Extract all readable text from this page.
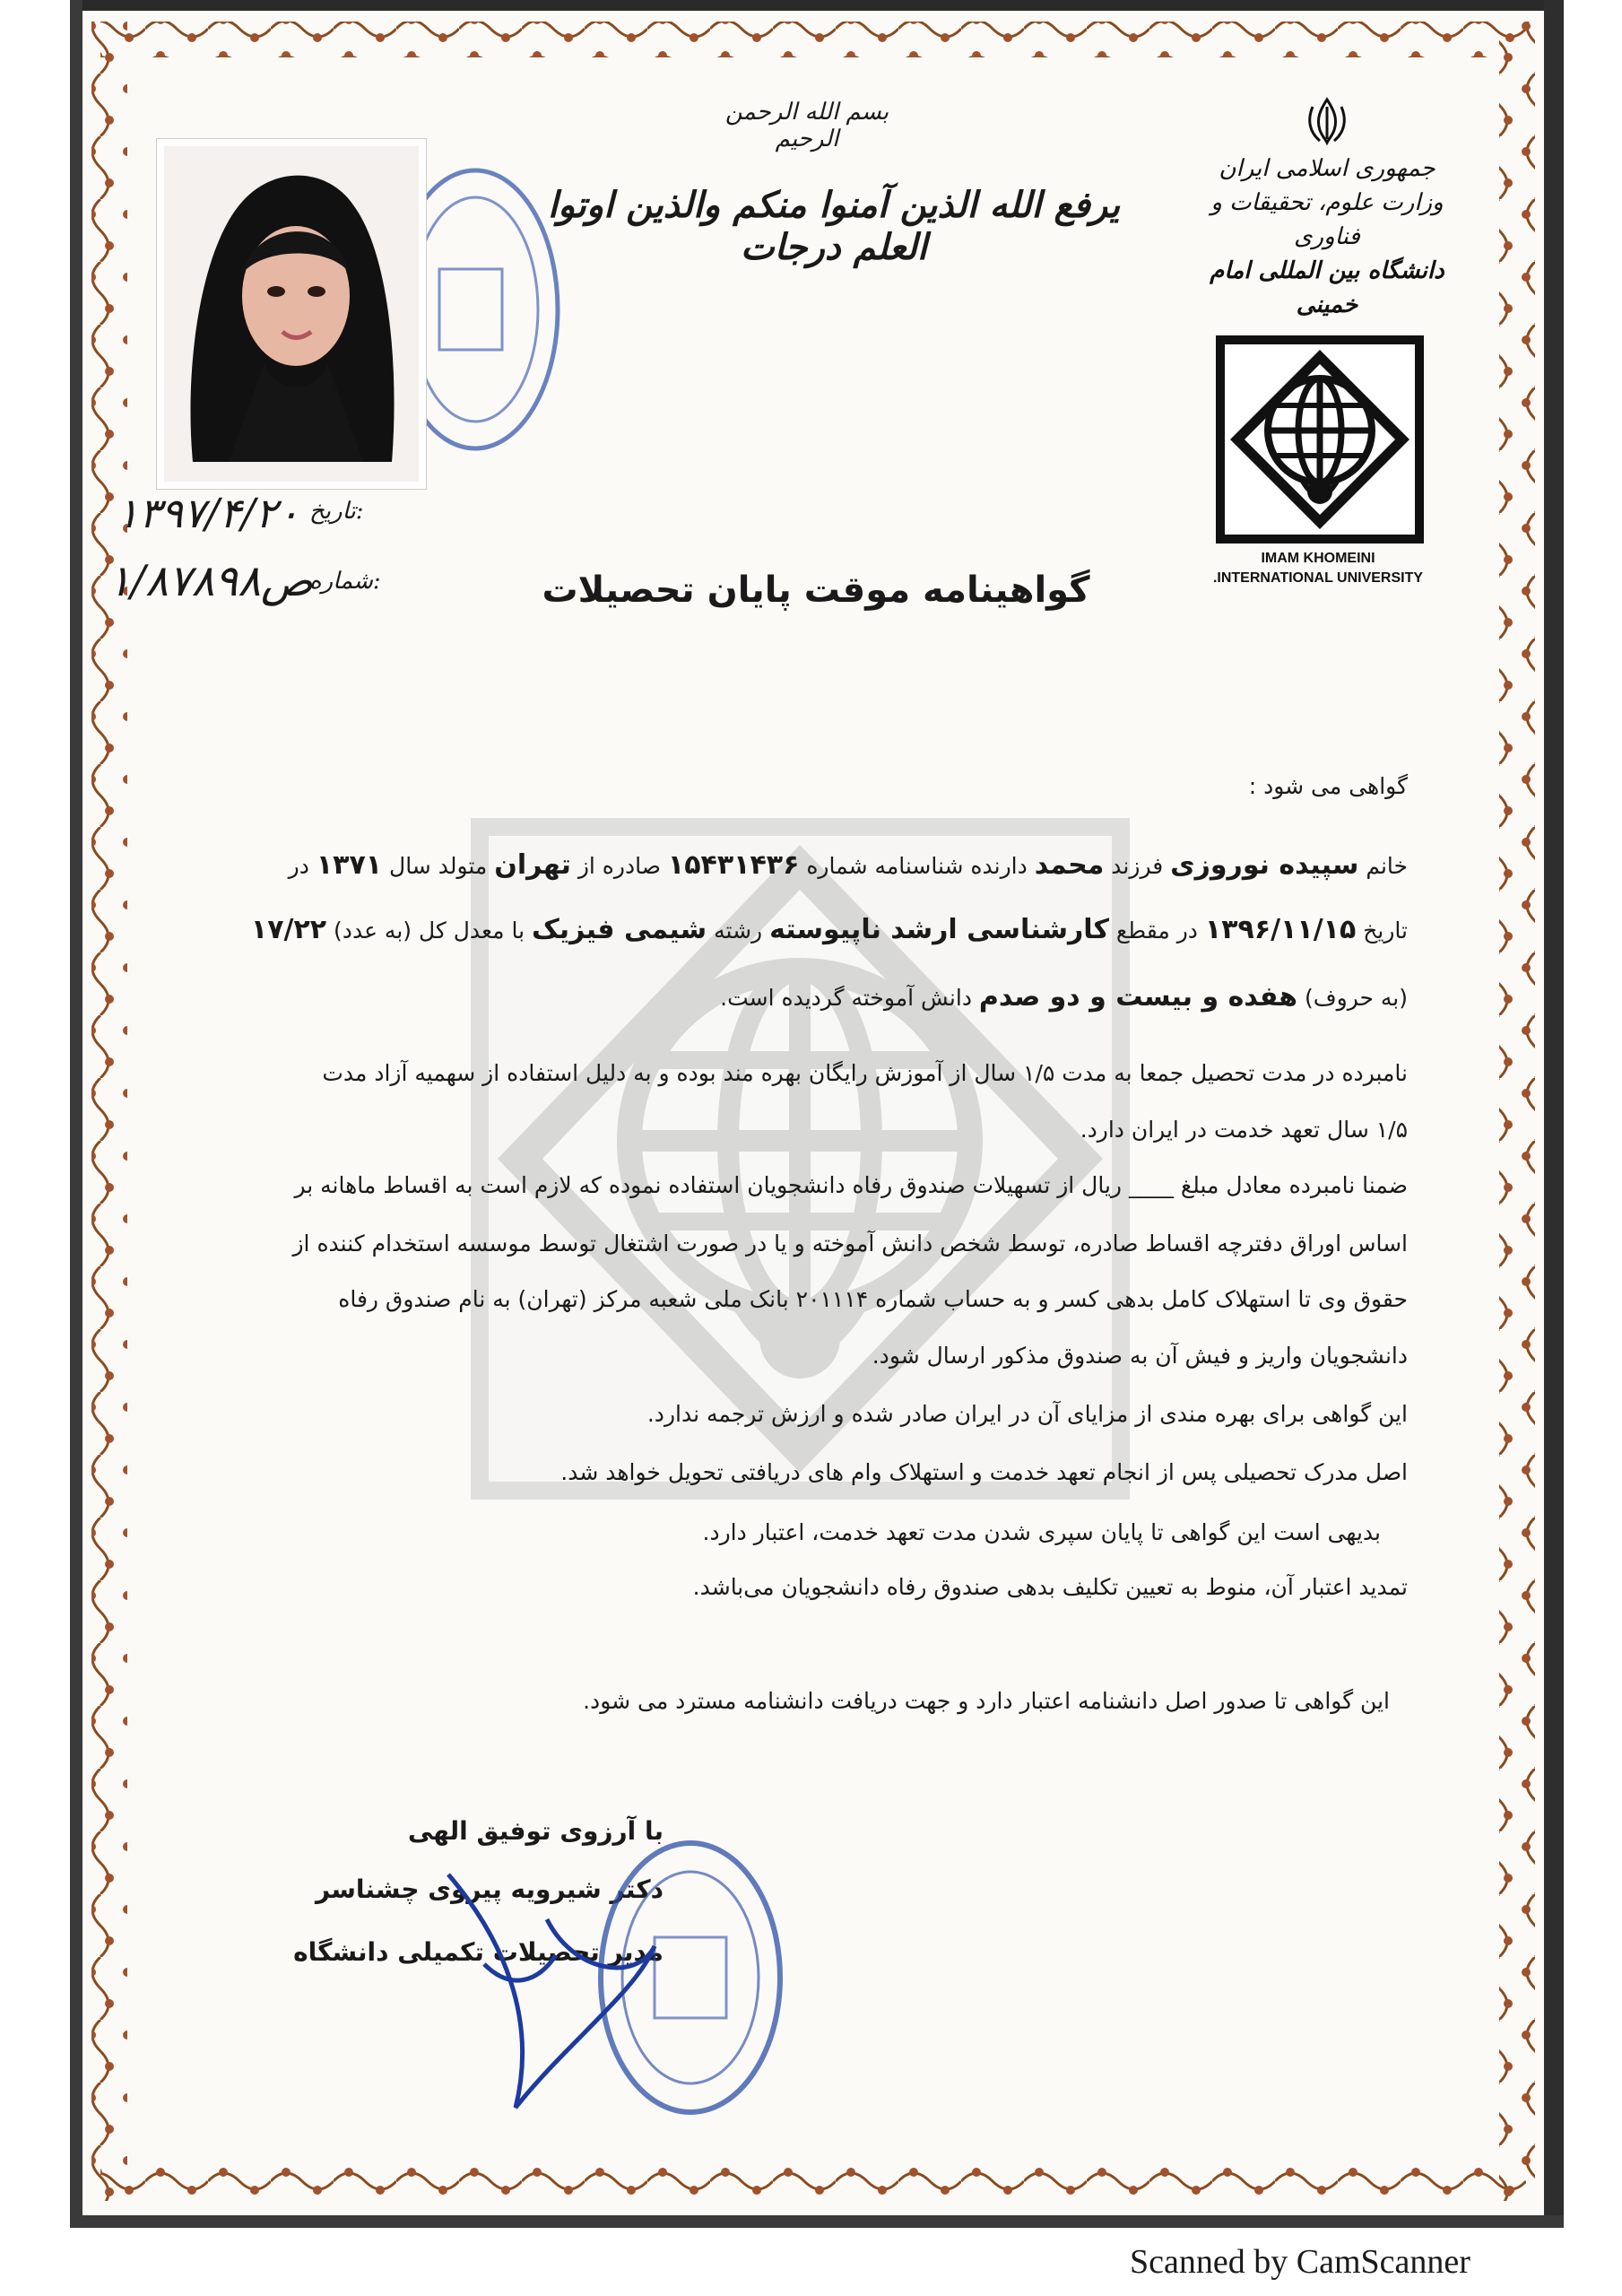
جمهوری اسلامی ایران
وزارت علوم، تحقیقات و فناوری
دانشگاه بین المللی امام خمینی
IMAM KHOMEINI
.INTERNATIONAL UNIVERSITY
بسم الله الرحمن الرحیم
یرفع الله الذین آمنوا منکم والذین اوتوا العلم درجات
تاریخ:
۱۳۹۷/۴/۲۰
شماره:
ص۱/۸۷۸۹۸	گواهینامه موقت پایان تحصیلات
گواهی می شود :
خانم سپیده نوروزی فرزند محمد دارنده شناسنامه شماره ۱۵۴۳۱۴۳۶ صادره از تهران متولد سال ۱۳۷۱ در
تاریخ ۱۳۹۶/۱۱/۱۵ در مقطع کارشناسی ارشد ناپیوسته رشته شیمی فیزیک با معدل کل (به عدد) ۱۷/۲۲
(به حروف) هفده و بیست و دو صدم دانش آموخته گردیده است.
نامبرده در مدت تحصیل جمعا به مدت ۱/۵ سال از آموزش رایگان بهره مند بوده و به دلیل استفاده از سهمیه آزاد مدت
۱/۵ سال تعهد خدمت در ایران دارد.
ضمنا نامبرده معادل مبلغ ____ ریال از تسهیلات صندوق رفاه دانشجویان استفاده نموده که لازم است به اقساط ماهانه بر
اساس اوراق دفترچه اقساط صادره، توسط شخص دانش آموخته و یا در صورت اشتغال توسط موسسه استخدام کننده از
حقوق وی تا استهلاک کامل بدهی کسر و به حساب شماره ۲۰۱۱۱۴ بانک ملی شعبه مرکز (تهران) به نام صندوق رفاه
دانشجویان واریز و فیش آن به صندوق مذکور ارسال شود.
این گواهی برای بهره مندی از مزایای آن در ایران صادر شده و ارزش ترجمه ندارد.
اصل مدرک تحصیلی پس از انجام تعهد خدمت و استهلاک وام های دریافتی تحویل خواهد شد.
بدیهی است این گواهی تا پایان سپری شدن مدت تعهد خدمت، اعتبار دارد.
تمدید اعتبار آن، منوط به تعیین تکلیف بدهی صندوق رفاه دانشجویان می‌باشد.
این گواهی تا صدور اصل دانشنامه اعتبار دارد و جهت دریافت دانشنامه مسترد می شود.
با آرزوی توفیق الهی
دکتر شیرویه پیروی چشناسر
مدیر تحصیلات تکمیلی دانشگاه
Scanned by CamScanner
